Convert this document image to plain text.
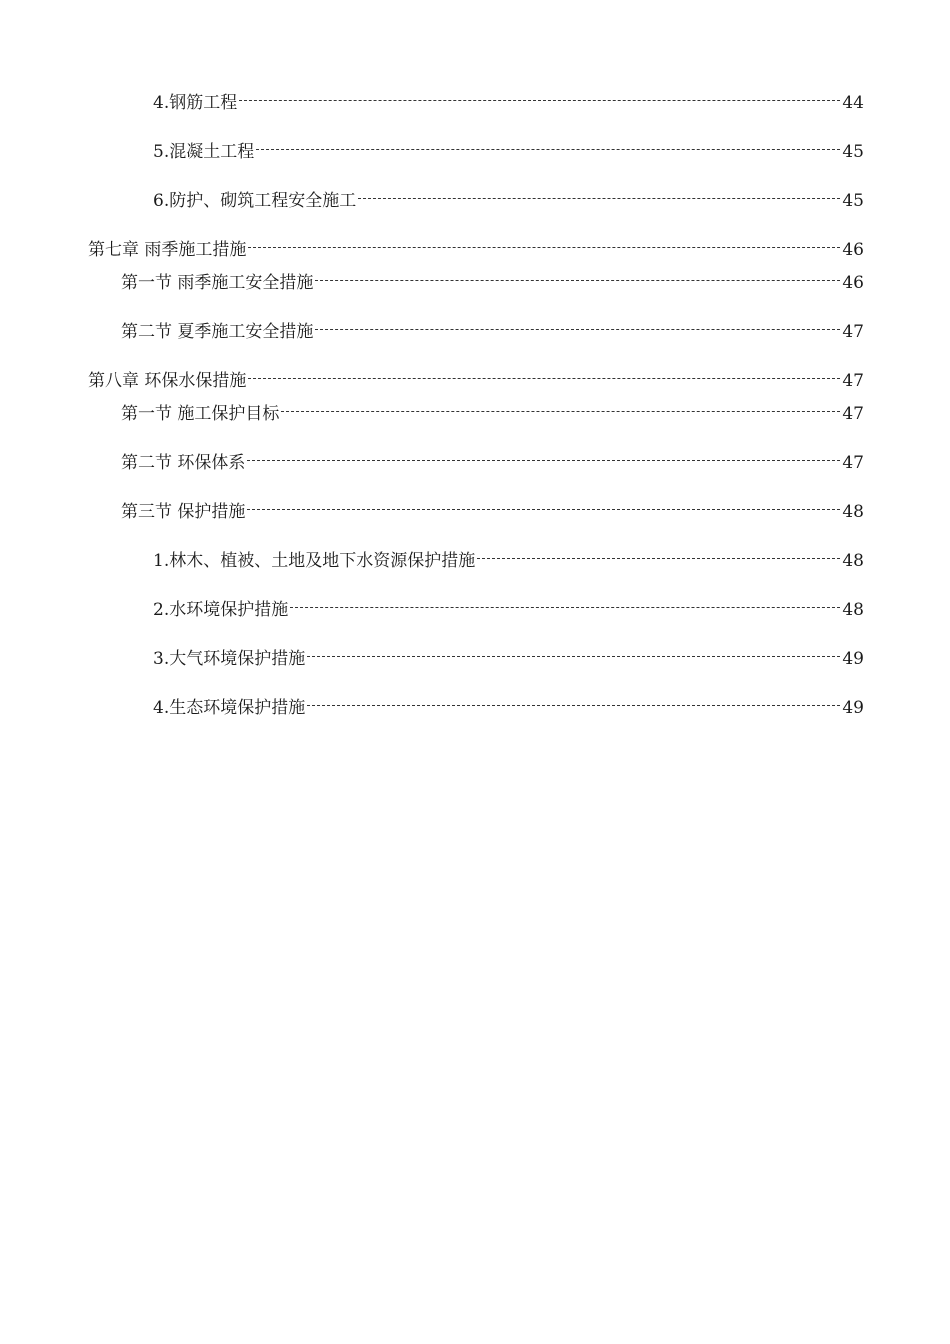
4.钢筋工程	44
5.混凝土工程	45
6.防护、砌筑工程安全施工	45
第七章 雨季施工措施	46
第一节 雨季施工安全措施	46
第二节 夏季施工安全措施	47
第八章 环保水保措施	47
第一节 施工保护目标	47
第二节 环保体系	47
第三节 保护措施	48
1.林木、植被、土地及地下水资源保护措施	48
2.水环境保护措施	48
3.大气环境保护措施	49
4.生态环境保护措施	49
